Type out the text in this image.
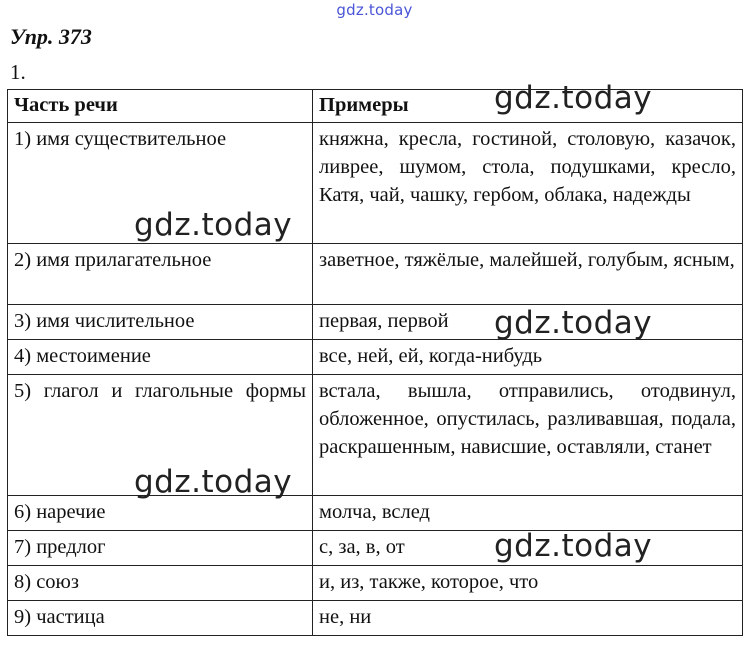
gdz.today
Упр. 373
1.
Часть речи	Примеры
1) имя существительное	княжна, кресла, гостиной, столовую, казачок, ливрее, шумом, стола, подушками, кресло, Катя, чай, чашку, гербом, облака, надежды
2) имя прилагательное	заветное, тяжёлые, малейшей, голубым, ясным,
3) имя числительное	первая, первой
4) местоимение	все, ней, ей, когда-нибудь
5) глагол и глагольные формы	встала, вышла, отправились, отодвинул, обложенное, опустилась, разливавшая, подала, раскрашенным, нависшие, оставляли, станет
6) наречие	молча, вслед
7) предлог	с, за, в, от
8) союз	и, из, также, которое, что
9) частица	не, ни
gdz.today
gdz.today
gdz.today
gdz.today
gdz.today
